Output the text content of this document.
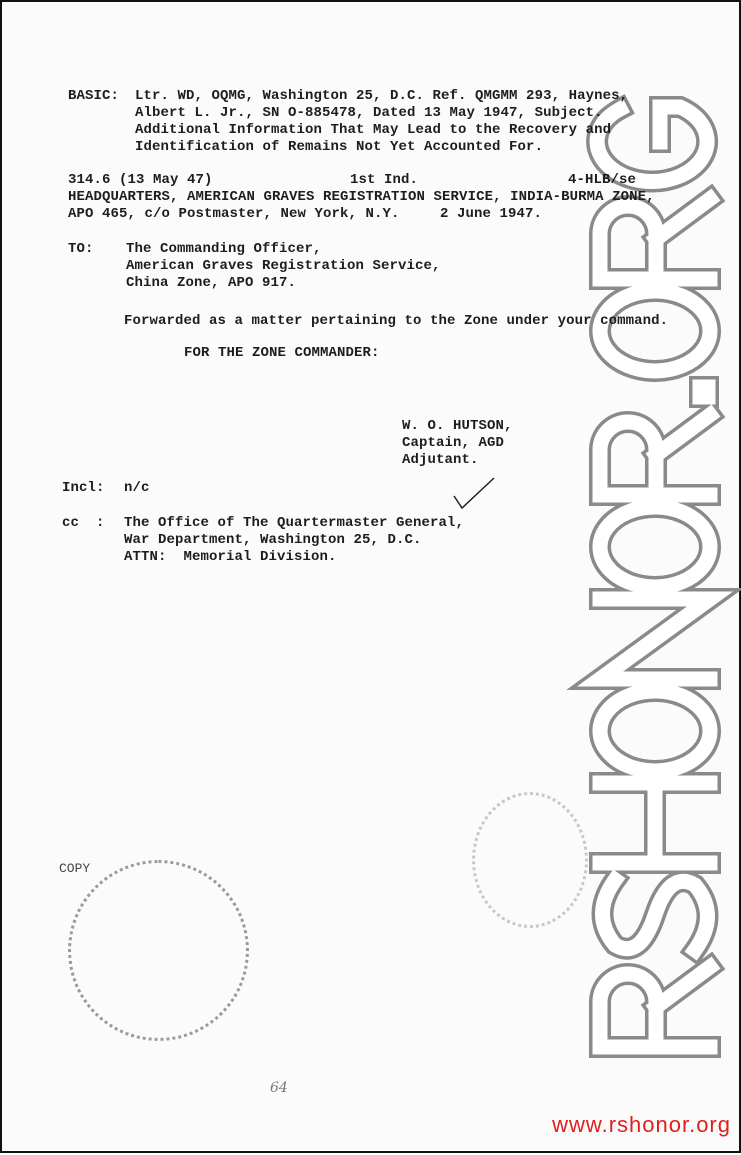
BASIC: Ltr. WD, OQMG, Washington 25, D.C. Ref. QMGMM 293, Haynes,
Albert L. Jr., SN O-885478, Dated 13 May 1947, Subject.
Additional Information That May Lead to the Recovery and
Identification of Remains Not Yet Accounted For.
314.6 (13 May 47)	1st Ind.	4-HLB/se
HEADQUARTERS, AMERICAN GRAVES REGISTRATION SERVICE, INDIA-BURMA ZONE,
APO 465, c/o Postmaster, New York, N.Y.	2 June 1947.
TO: The Commanding Officer,
American Graves Registration Service,
China Zone, APO 917.
Forwarded as a matter pertaining to the Zone under your command.
FOR THE ZONE COMMANDER:
W. O. HUTSON,
Captain, AGD
Adjutant.
Incl: n/c
cc  : The Office of The Quartermaster General,
War Department, Washington 25, D.C.
ATTN:  Memorial Division.
COPY
64
www.rshonor.org
